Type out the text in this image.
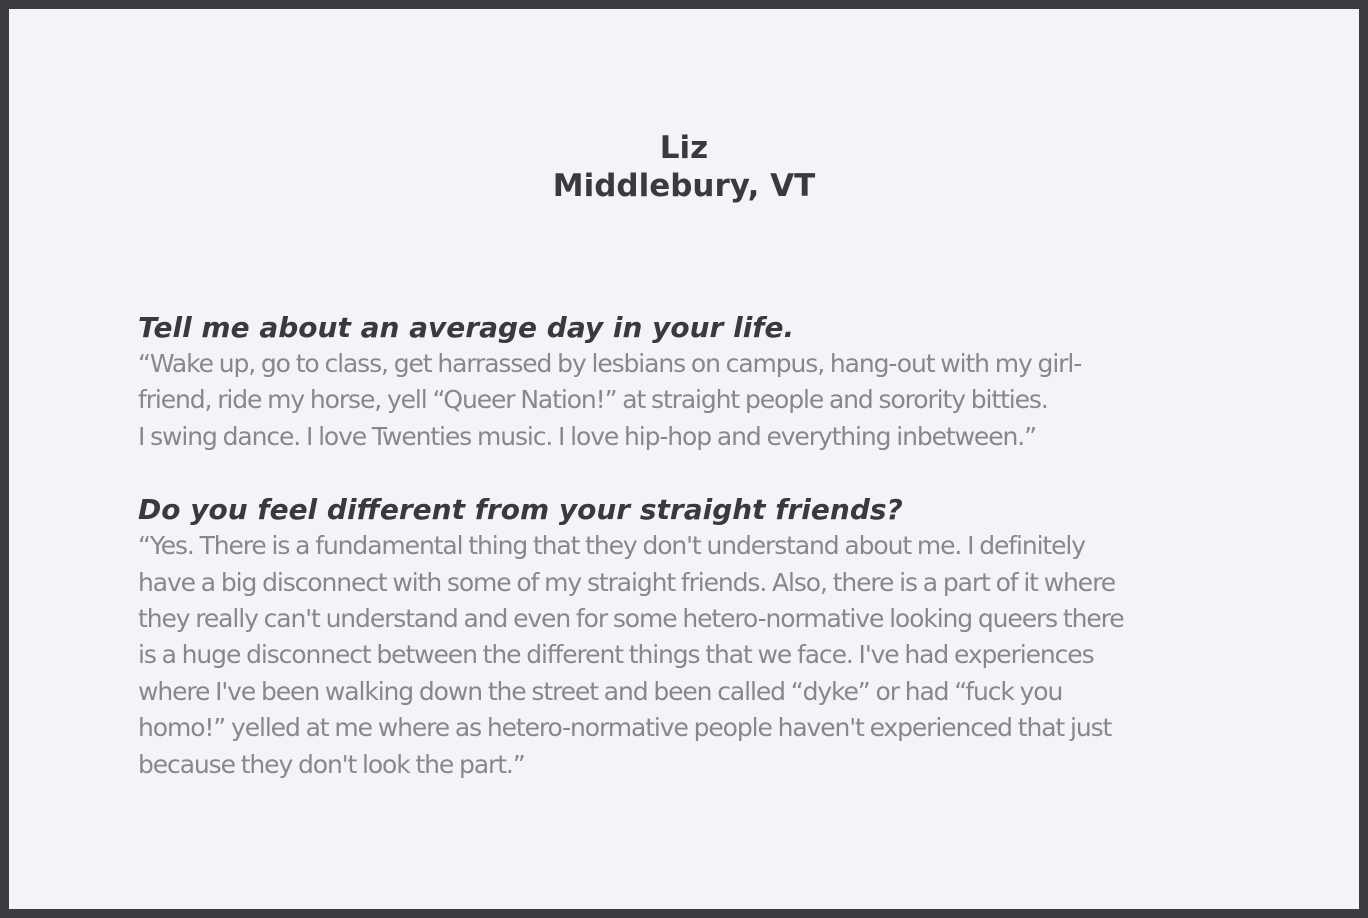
Liz
Middlebury, VT

Tell me about an average day in your life.

“Wake up, go to class, get harrassed by lesbians on campus, hang-out with my girl-
friend, ride my horse, yell “Queer Nation!” at straight people and sorority bitties.
I swing dance. I love Twenties music. I love hip-hop and everything inbetween.”

Do you feel different from your straight friends?

“Yes. There is a fundamental thing that they don't understand about me. I definitely
have a big disconnect with some of my straight friends. Also, there is a part of it where
they really can't understand and even for some hetero-normative looking queers there
is a huge disconnect between the different things that we face. I've had experiences
where I've been walking down the street and been called “dyke” or had “fuck you
homo!” yelled at me where as hetero-normative people haven't experienced that just
because they don't look the part.”
